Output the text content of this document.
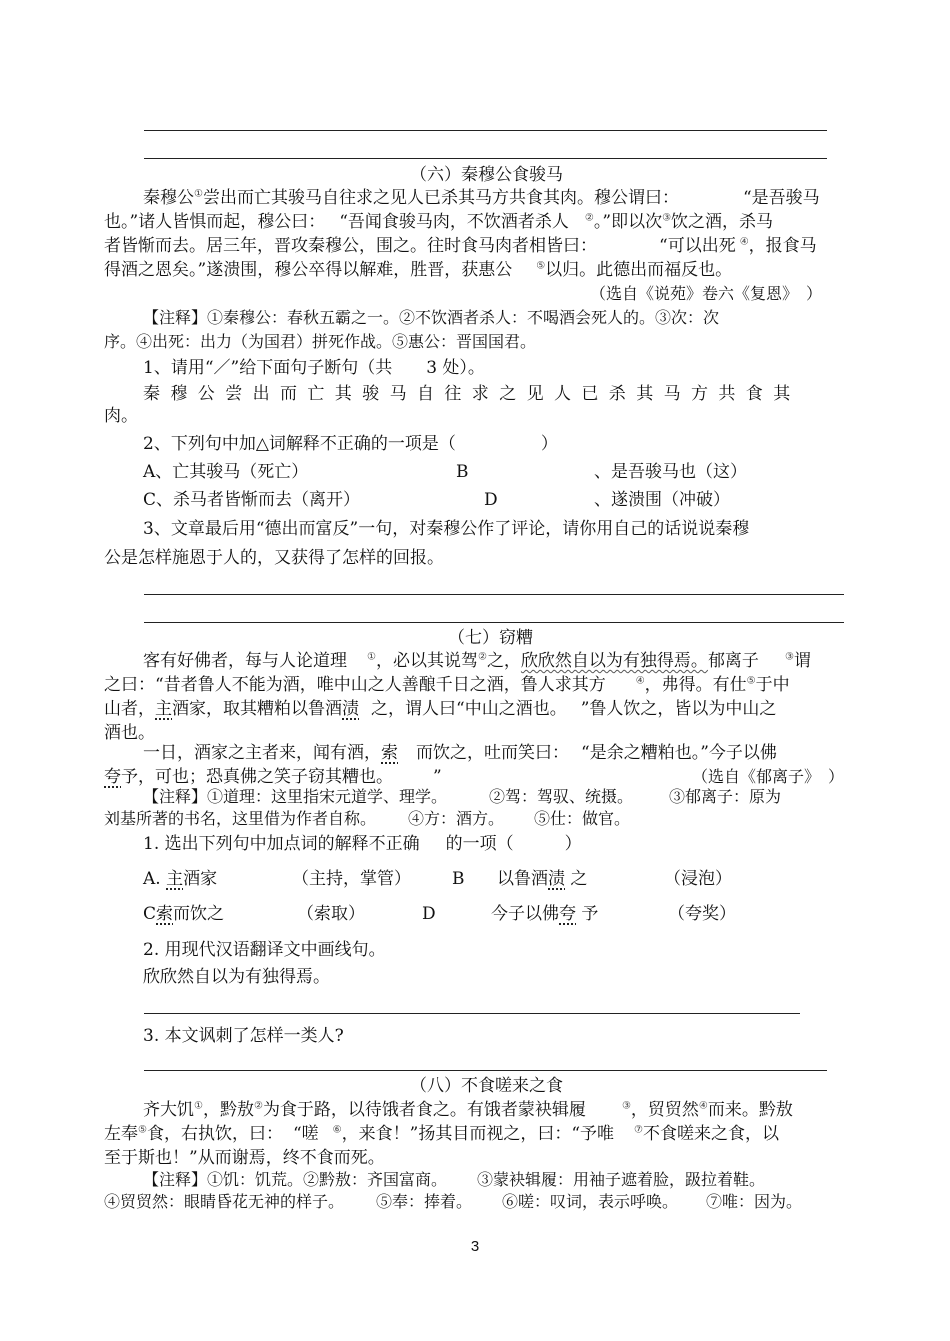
（六）秦穆公食骏马
秦穆公①尝出而亡其骏马自往求之见人已杀其马方共食其肉。穆公谓曰：	“是吾骏马
也。”诸人皆惧而起，穆公曰： “吾闻食骏马肉，不饮酒者杀人 ②。”即以次③饮之酒，杀马
者皆惭而去。居三年，晋攻秦穆公，围之。往时食马肉者相皆曰：	“可以出死 ④，报食马
得酒之恩矣。”遂溃围，穆公卒得以解难，胜晋，获惠公 ⑤以归。此德出而福反也。
（选自《说苑》卷六《复恩》　）
【注释】①秦穆公：春秋五霸之一。②不饮酒者杀人：不喝酒会死人的。③次：次
序。④出死：出力（为国君）拼死作战。⑤惠公：晋国国君。
1、请用“／”给下面句子断句（共　　3 处）。
秦穆公尝出而亡其骏马自往求之见人已杀其马方共食其
肉。
2、下列句中加△词解释不正确的一项是（　　　　　）
A、亡其骏马（死亡）	B	、是吾骏马也（这）
C、杀马者皆惭而去（离开）	D	、遂溃围（冲破）
3、文章最后用“德出而富反”一句，对秦穆公作了评论，请你用自己的话说说秦穆
公是怎样施恩于人的，又获得了怎样的回报。
（七）窃糟
客有好佛者，每与人论道理 ①，必以其说驾②之，欣欣然自以为有独得焉。郁离子	③谓
之曰：“昔者鲁人不能为酒，唯中山之人善酿千日之酒，鲁人求其方	④，弗得。有仕⑤于中
山者，主酒家，取其糟粕以鲁酒渍 之，谓人曰“中山之酒也。 ”鲁人饮之，皆以为中山之
酒也。
一日，酒家之主者来，闻有酒，索 而饮之，吐而笑曰： “是余之糟粕也。”今子以佛
夸予，可也；恐真佛之笑子窃其糟也。 ”	（选自《郁离子》　）
【注释】①道理：这里指宋元道学、理学。	②驾：驾驭、统摄。 ③郁离子：原为
刘基所著的书名，这里借为作者自称。 ④方：酒方。 ⑤仕：做官。
1. 选出下列句中加点词的解释不正确 的一项（　　　）
A. 主酒家	（主持，掌管） B 以鲁酒渍 之	（浸泡）
C索而饮之	（索取）	D	今子以佛夸 予	（夸奖）
2. 用现代汉语翻译文中画线句。
欣欣然自以为有独得焉。
3. 本文讽刺了怎样一类人?
（八）不食嗟来之食
齐大饥①，黔敖②为食于路，以待饿者食之。有饿者蒙袂辑履	③，贸贸然④而来。黔敖
左奉⑤食，右执饮，曰： “嗟 ⑥，来食！”扬其目而视之，曰：“予唯 ⑦不食嗟来之食，以
至于斯也！”从而谢焉，终不食而死。
【注释】①饥：饥荒。②黔敖：齐国富商。 ③蒙袂辑履：用袖子遮着脸，趿拉着鞋。
④贸贸然：眼睛昏花无神的样子。 ⑤奉：捧着。 ⑥嗟：叹词，表示呼唤。 ⑦唯：因为。
3
